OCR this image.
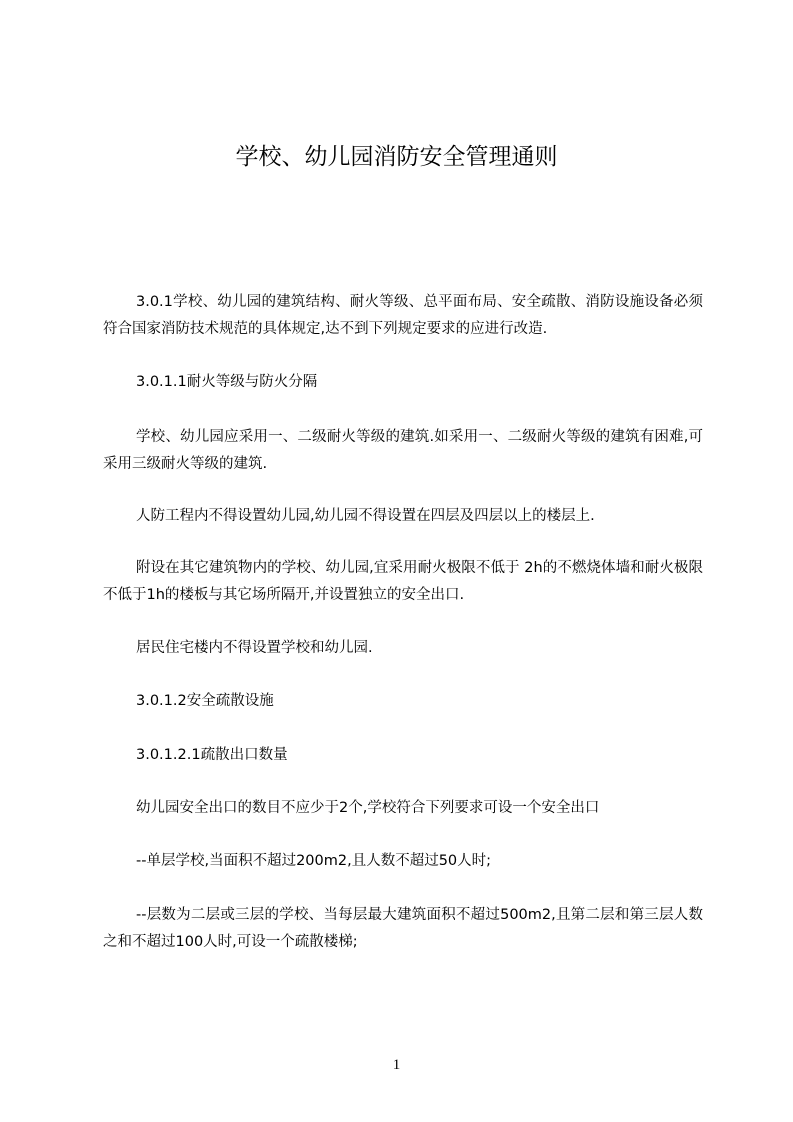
学校、幼儿园消防安全管理通则
3.0.1学校、幼儿园的建筑结构、耐火等级、总平面布局、安全疏散、消防设施设备必须符合国家消防技术规范的具体规定,达不到下列规定要求的应进行改造.
3.0.1.1耐火等级与防火分隔
学校、幼儿园应采用一、二级耐火等级的建筑.如采用一、二级耐火等级的建筑有困难,可采用三级耐火等级的建筑.
人防工程内不得设置幼儿园,幼儿园不得设置在四层及四层以上的楼层上.
附设在其它建筑物内的学校、幼儿园,宜采用耐火极限不低于 2h的不燃烧体墙和耐火极限不低于1h的楼板与其它场所隔开,并设置独立的安全出口.
居民住宅楼内不得设置学校和幼儿园.
3.0.1.2安全疏散设施
3.0.1.2.1疏散出口数量
幼儿园安全出口的数目不应少于2个,学校符合下列要求可设一个安全出口
--单层学校,当面积不超过200m2,且人数不超过50人时;
--层数为二层或三层的学校、当每层最大建筑面积不超过500m2,且第二层和第三层人数之和不超过100人时,可设一个疏散楼梯;
1
